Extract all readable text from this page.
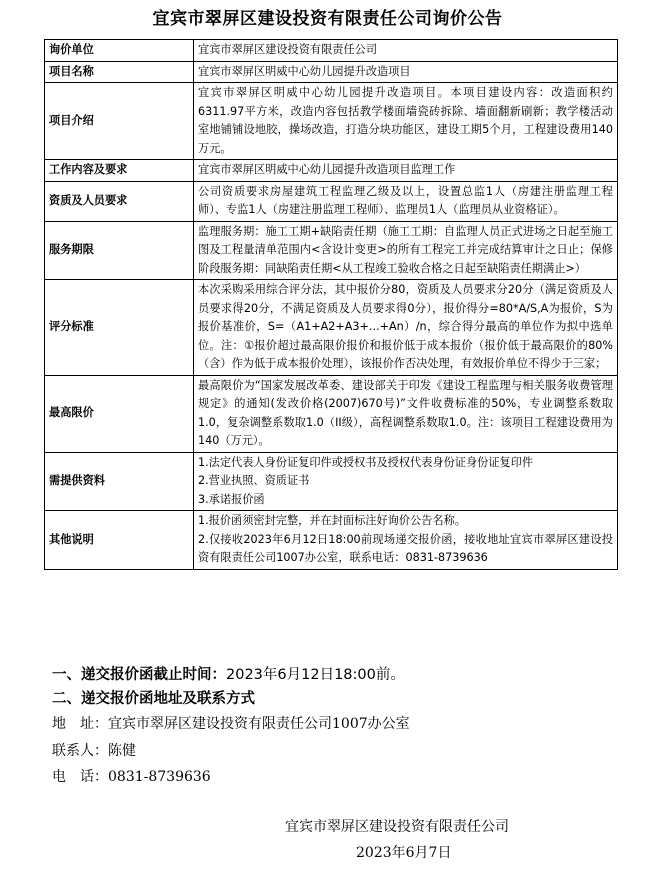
宜宾市翠屏区建设投资有限责任公司询价公告
询价单位	宜宾市翠屏区建设投资有限责任公司
项目名称	宜宾市翠屏区明威中心幼儿园提升改造项目
项目介绍	宜宾市翠屏区明威中心幼儿园提升改造项目。本项目建设内容：改造面积约6311.97平方米，改造内容包括教学楼面墙瓷砖拆除、墙面翻新刷新；教学楼活动室地铺铺设地胶，操场改造，打造分块功能区，建设工期5个月，工程建设费用140万元。
工作内容及要求	宜宾市翠屏区明威中心幼儿园提升改造项目监理工作
资质及人员要求	公司资质要求房屋建筑工程监理乙级及以上，设置总监1人（房建注册监理工程师）、专监1人（房建注册监理工程师）、监理员1人（监理员从业资格证）。
服务期限	监理服务期：施工工期+缺陷责任期（施工工期：自监理人员正式进场之日起至施工图及工程量清单范围内<含设计变更>的所有工程完工并完成结算审计之日止；保修阶段服务期：同缺陷责任期<从工程竣工验收合格之日起至缺陷责任期满止>）
评分标准	本次采购采用综合评分法，其中报价分80，资质及人员要求分20分（满足资质及人员要求得20分，不满足资质及人员要求得0分），报价得分=80*A/S,A为报价，S为报价基准价，S=（A1+A2+A3+...+An）/n，综合得分最高的单位作为拟中选单位。注：①报价超过最高限价报价和报价低于成本报价（报价低于最高限价的80%（含）作为低于成本报价处理），该报价作否决处理，有效报价单位不得少于三家；
最高限价	最高限价为“国家发展改革委、建设部关于印发《建设工程监理与相关服务收费管理规定》的通知(发改价格(2007)670号)”文件收费标准的50%，专业调整系数取1.0，复杂调整系数取1.0（II级），高程调整系数取1.0。注：该项目工程建设费用为140（万元）。
需提供资料	1.法定代表人身份证复印件或授权书及授权代表身份证身份证复印件
2.营业执照、资质证书
3.承诺报价函

其他说明	1.报价函须密封完整，并在封面标注好询价公告名称。
2.仅接收2023年6月12日18:00前现场递交报价函，接收地址宜宾市翠屏区建设投资有限责任公司1007办公室，联系电话：0831-8739636
一、递交报价函截止时间：2023年6月12日18:00前。
二、递交报价函地址及联系方式
地　址：宜宾市翠屏区建设投资有限责任公司1007办公室
联系人：陈健
电　话：0831-8739636
宜宾市翠屏区建设投资有限责任公司
2023年6月7日
